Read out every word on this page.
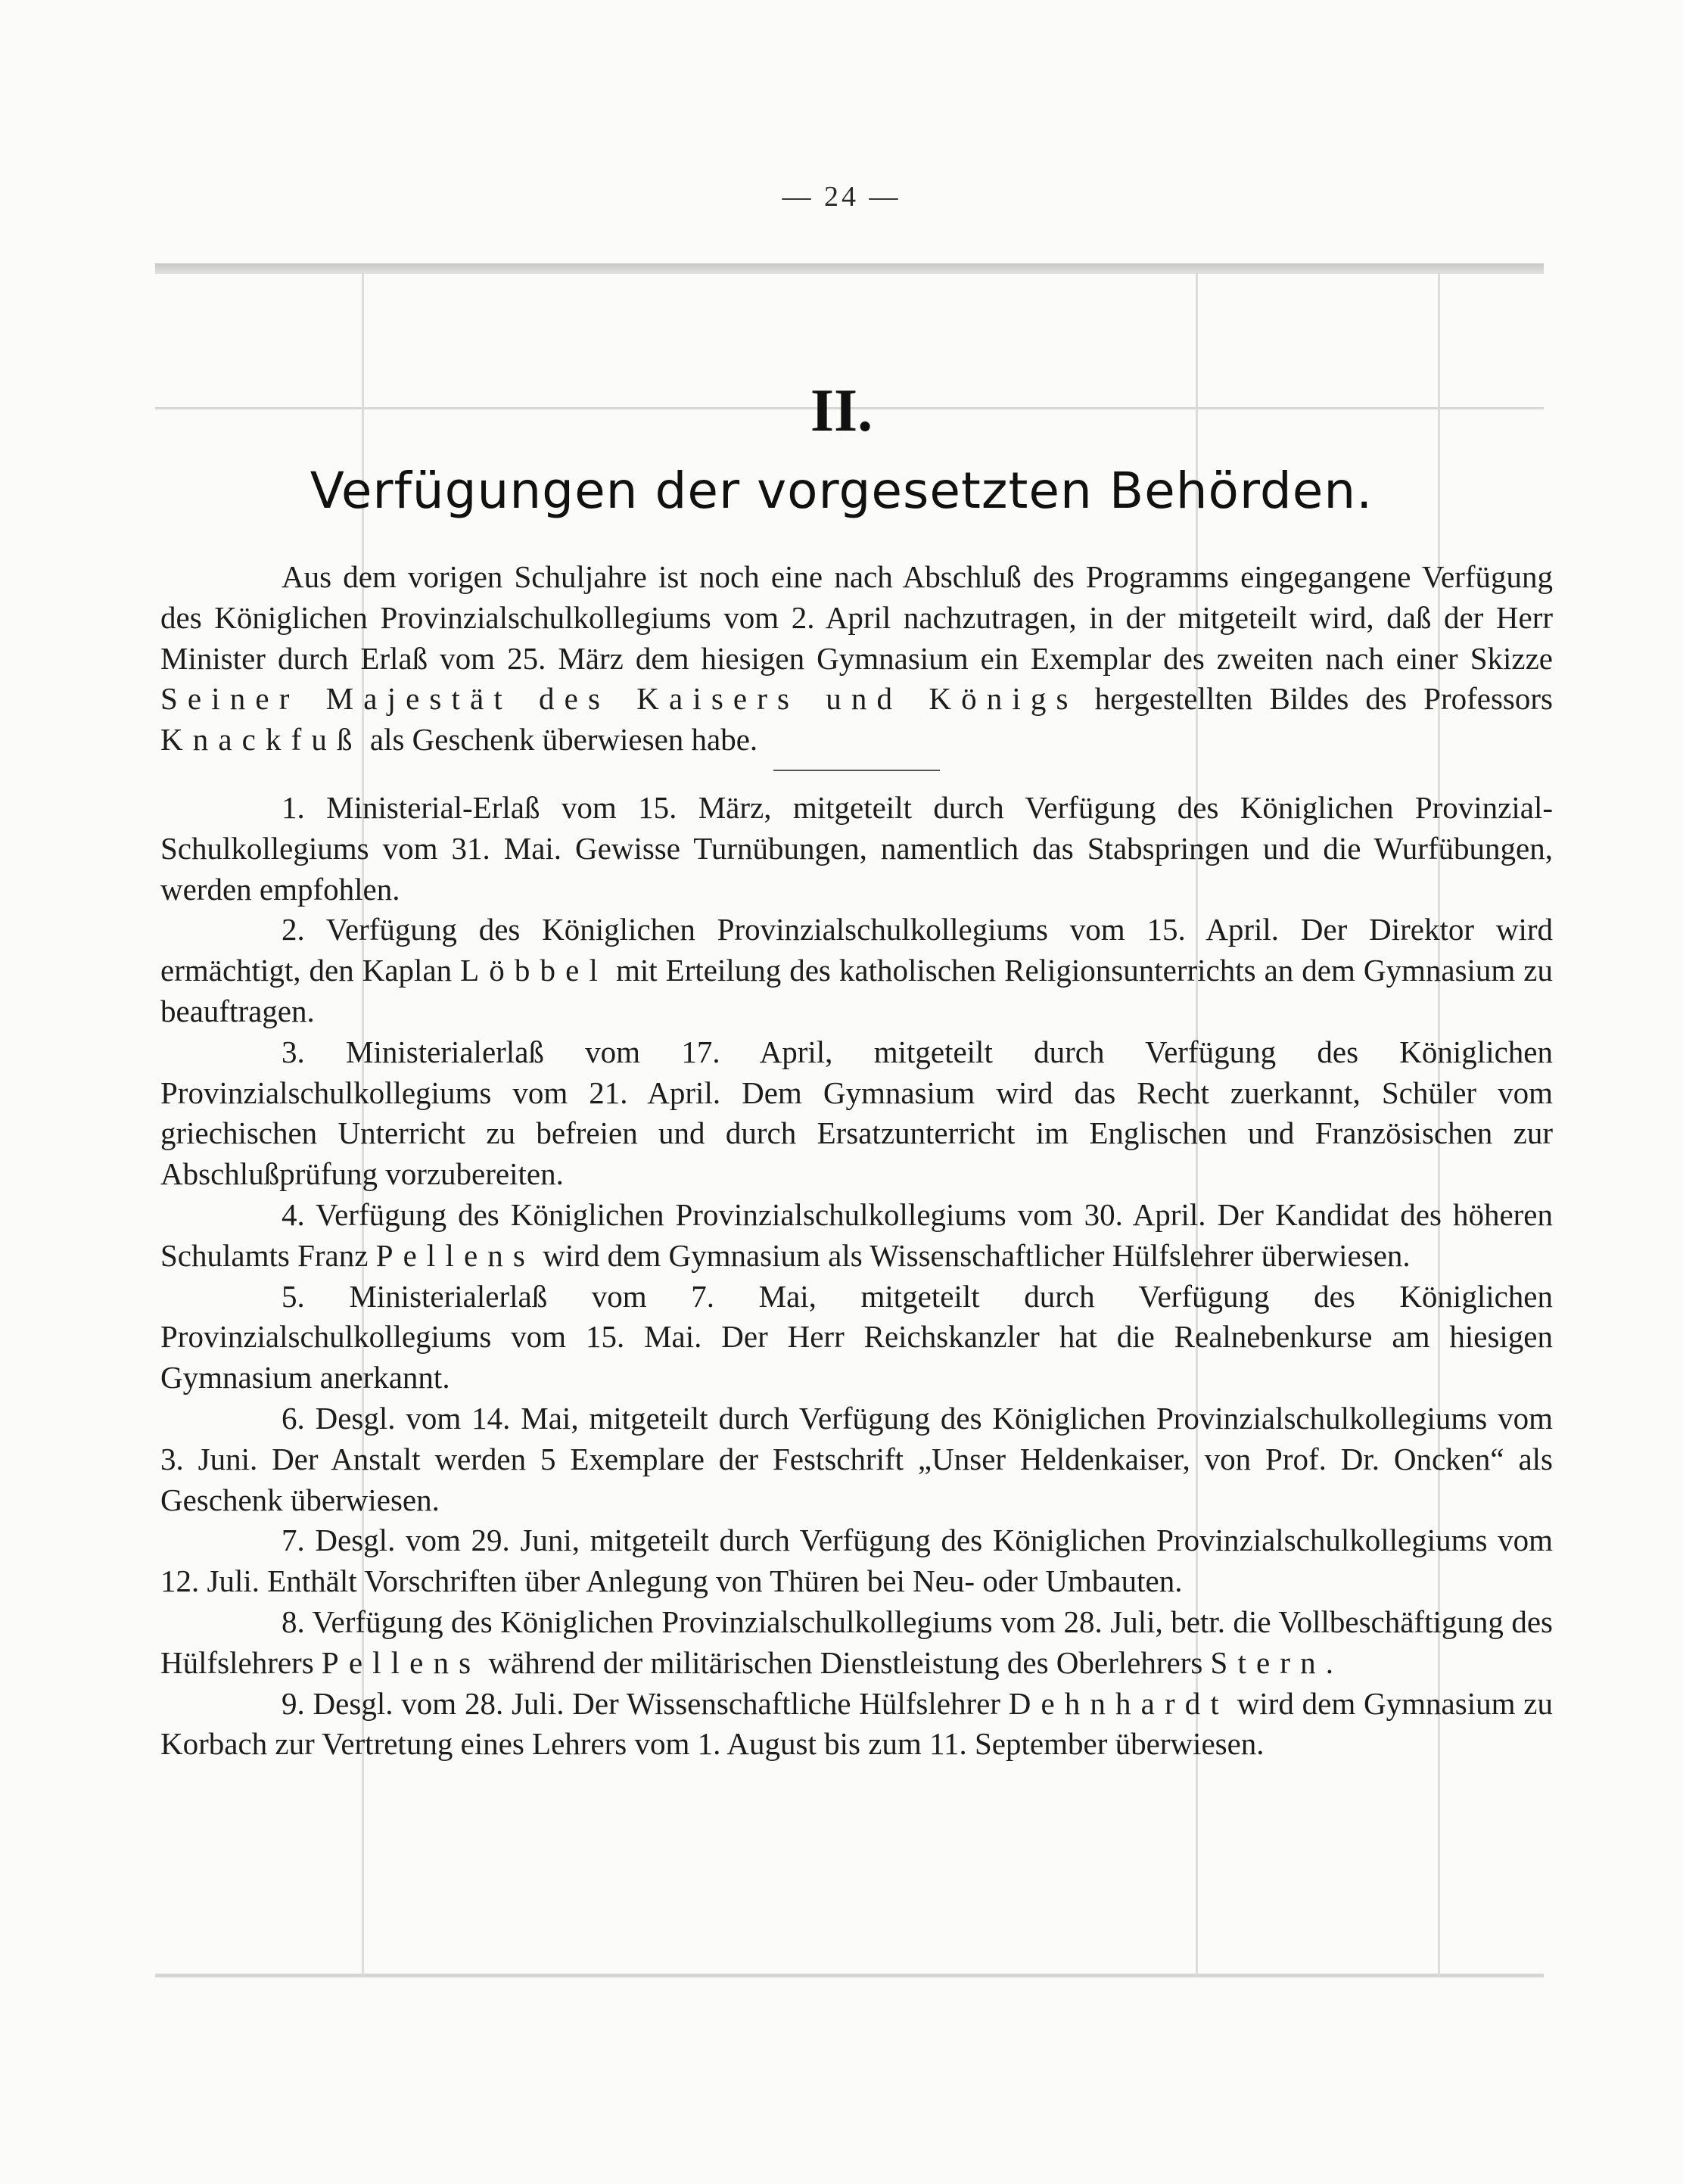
— 24 —
II.
Verfügungen der vorgesetzten Behörden.

Aus dem vorigen Schuljahre ist noch eine nach Abschluß des Programms eingegangene Verfügung des Königlichen Provinzialschulkollegiums vom 2. April nachzutragen, in der mitgeteilt wird, daß der Herr Minister durch Erlaß vom 25. März dem hiesigen Gymnasium ein Exemplar des zweiten nach einer Skizze Seiner Majestät des Kaisers und Königs hergestellten Bildes des Professors Knackfuß als Geschenk überwiesen habe.

1. Ministerial-Erlaß vom 15. März, mitgeteilt durch Verfügung des Königlichen Provinzial-Schulkollegiums vom 31. Mai. Gewisse Turnübungen, namentlich das Stabspringen und die Wurfübungen, werden empfohlen.

2. Verfügung des Königlichen Provinzialschulkollegiums vom 15. April. Der Direktor wird ermächtigt, den Kaplan Löbbel mit Erteilung des katholischen Religionsunterrichts an dem Gymnasium zu beauftragen.

3. Ministerialerlaß vom 17. April, mitgeteilt durch Verfügung des Königlichen Provinzialschulkollegiums vom 21. April. Dem Gymnasium wird das Recht zuerkannt, Schüler vom griechischen Unterricht zu befreien und durch Ersatzunterricht im Englischen und Französischen zur Abschlußprüfung vorzubereiten.

4. Verfügung des Königlichen Provinzialschulkollegiums vom 30. April. Der Kandidat des höheren Schulamts Franz Pellens wird dem Gymnasium als Wissenschaftlicher Hülfslehrer überwiesen.

5. Ministerialerlaß vom 7. Mai, mitgeteilt durch Verfügung des Königlichen Provinzialschulkollegiums vom 15. Mai. Der Herr Reichskanzler hat die Realnebenkurse am hiesigen Gymnasium anerkannt.

6. Desgl. vom 14. Mai, mitgeteilt durch Verfügung des Königlichen Provinzialschulkollegiums vom 3. Juni. Der Anstalt werden 5 Exemplare der Festschrift „Unser Heldenkaiser, von Prof. Dr. Oncken“ als Geschenk überwiesen.

7. Desgl. vom 29. Juni, mitgeteilt durch Verfügung des Königlichen Provinzialschulkollegiums vom 12. Juli. Enthält Vorschriften über Anlegung von Thüren bei Neu- oder Umbauten.

8. Verfügung des Königlichen Provinzialschulkollegiums vom 28. Juli, betr. die Vollbeschäftigung des Hülfslehrers Pellens während der militärischen Dienstleistung des Oberlehrers Stern.

9. Desgl. vom 28. Juli. Der Wissenschaftliche Hülfslehrer Dehnhardt wird dem Gymnasium zu Korbach zur Vertretung eines Lehrers vom 1. August bis zum 11. September überwiesen.
